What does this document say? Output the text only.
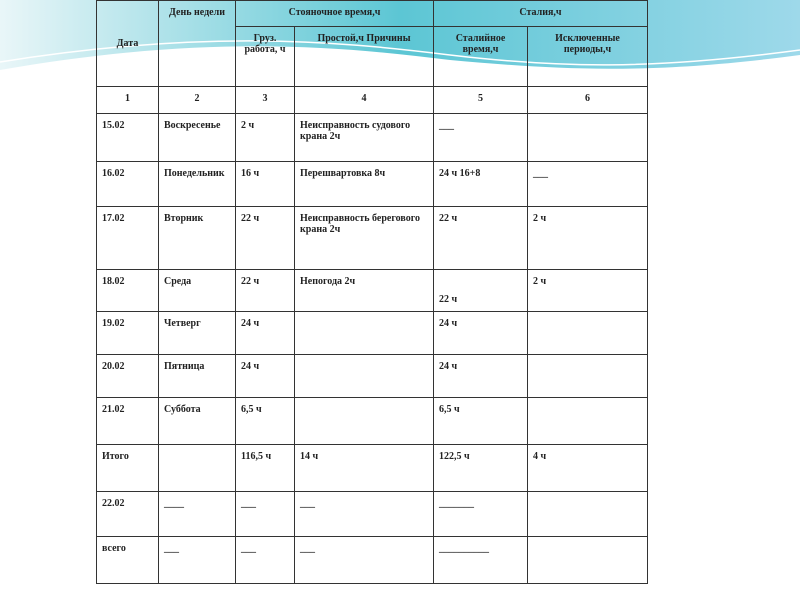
Дата	День недели	Стояночное время,ч		Сталия,ч	
		Груз. работа, ч	Простой,ч Причины	Сталийное время,ч	Исключенные периоды,ч
1	2	3	4	5	6
15.02	Воскресенье	2 ч	Неисправность судового крана 2ч	___	
16.02	Понедельник	16 ч	Перешвартовка 8ч	24 ч 16+8	___
17.02	Вторник	22 ч	Неисправность берегового крана 2ч	22 ч	2 ч
18.02	Среда	22 ч	Непогода 2ч	22 ч	2 ч
19.02	Четверг	24 ч		24 ч	
20.02	Пятница	24 ч		24 ч	
21.02	Суббота	6,5 ч		6,5 ч	
Итого		116,5 ч	14 ч	122,5 ч	4 ч
22.02	____	___	___	_______	
всего	___	___	___	__________	
